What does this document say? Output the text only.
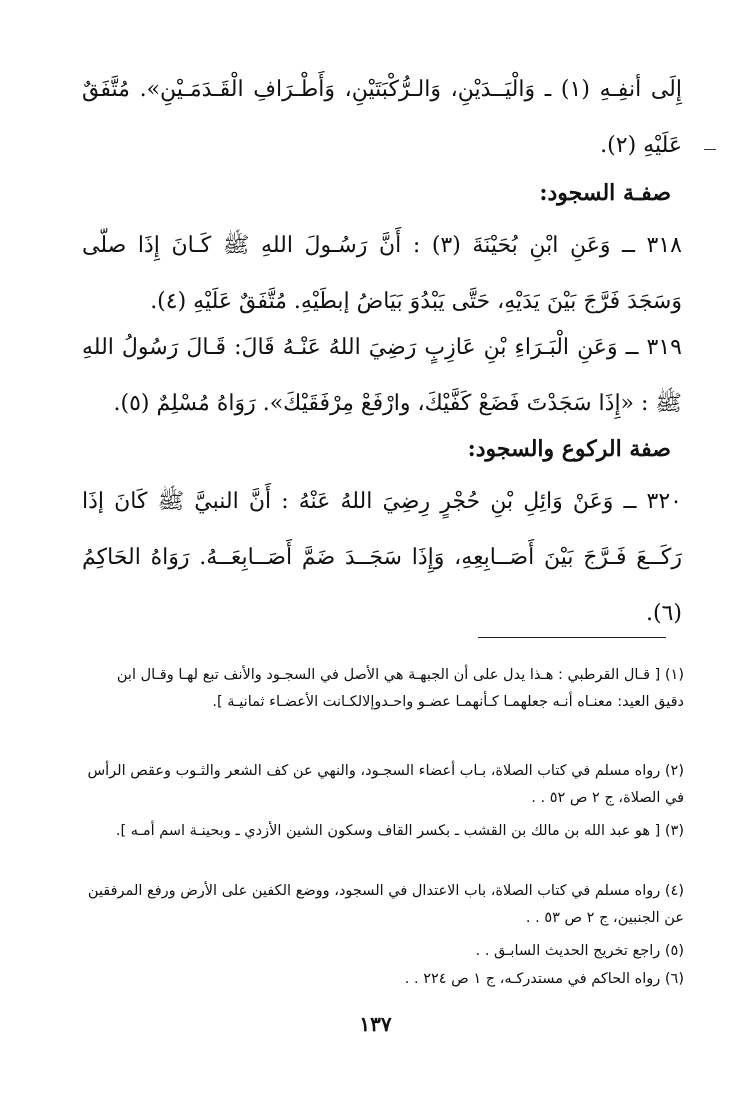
إِلَى أنفِـهِ (١) ـ وَالْيَــدَيْنِ، وَالـرُّكْبَتَيْنِ، وَأَطْـرَافِ الْقَـدَمَـيْنِ». مُتَّفَقٌ عَلَيْهِ (٢).

صفـة السجود:

٣١٨ ــ وَعَنِ ابْنِ بُحَيْنَةَ (٣) : أَنَّ رَسُـولَ اللهِ ﷺ كَـانَ إِذَا صلّى وَسَجَدَ فَرَّجَ بَيْنَ يَدَيْهِ، حَتَّى يَبْدُوَ بَيَاضُ إبطَيْهِ. مُتَّفَقٌ عَلَيْهِ (٤).

٣١٩ ــ وَعَنِ الْبَـرَاءِ بْنِ عَازِبٍ رَضِيَ اللهُ عَنْـهُ قَالَ: قَـالَ رَسُولُ اللهِ ﷺ : «إِذَا سَجَدْتَ فَضَعْ كَفَّيْكَ، وارْفَعْ مِرْفَقَيْكَ». رَوَاهُ مُسْلِمٌ (٥).

صفة الركوع والسجود:

٣٢٠ ــ وَعَنْ وَائِلِ بْنِ حُجْرٍ رِضِيَ اللهُ عَنْهُ : أَنَّ النبيَّ ﷺ كَانَ إذَا رَكَــعَ فَـرَّجَ بَيْنَ أَصَــابِعِهِ، وَإِذَا سَجَــدَ ضَمَّ أَصَــابِعَــهُ. رَوَاهُ الحَاكِمُ (٦).

(١) [ قـال القرطبي : هـذا يدل على أن الجبهـة هي الأصل في السجـود والأنف تبع لهـا وقـال ابن دقيق العيد: معنـاه أنـه جعلهمـا كـأنهمـا عضـو واحـدوإلالكـانت الأعضـاء ثمانيـة ].
(٢) رواه مسلم في كتاب الصلاة، بـاب أعضاء السجـود، والنهي عن كف الشعر والثـوب وعقص الرأس في الصلاة، ج ٢ ص ٥٢ . .
(٣) [ هو عبد الله بن مالك بن القشب ـ بكسر القاف وسكون الشين الأزدي ـ وبحينـة اسم أمـه ].
(٤) رواه مسلم في كتاب الصلاة، باب الاعتدال في السجود، ووضع الكفين على الأرض ورفع المرفقين عن الجنبين، ج ٢ ص ٥٣ . .
(٥) راجع تخريج الحديث السابـق . .
(٦) رواه الحاكم في مستدركـه، ج ١ ص ٢٢٤ . .
١٣٧
